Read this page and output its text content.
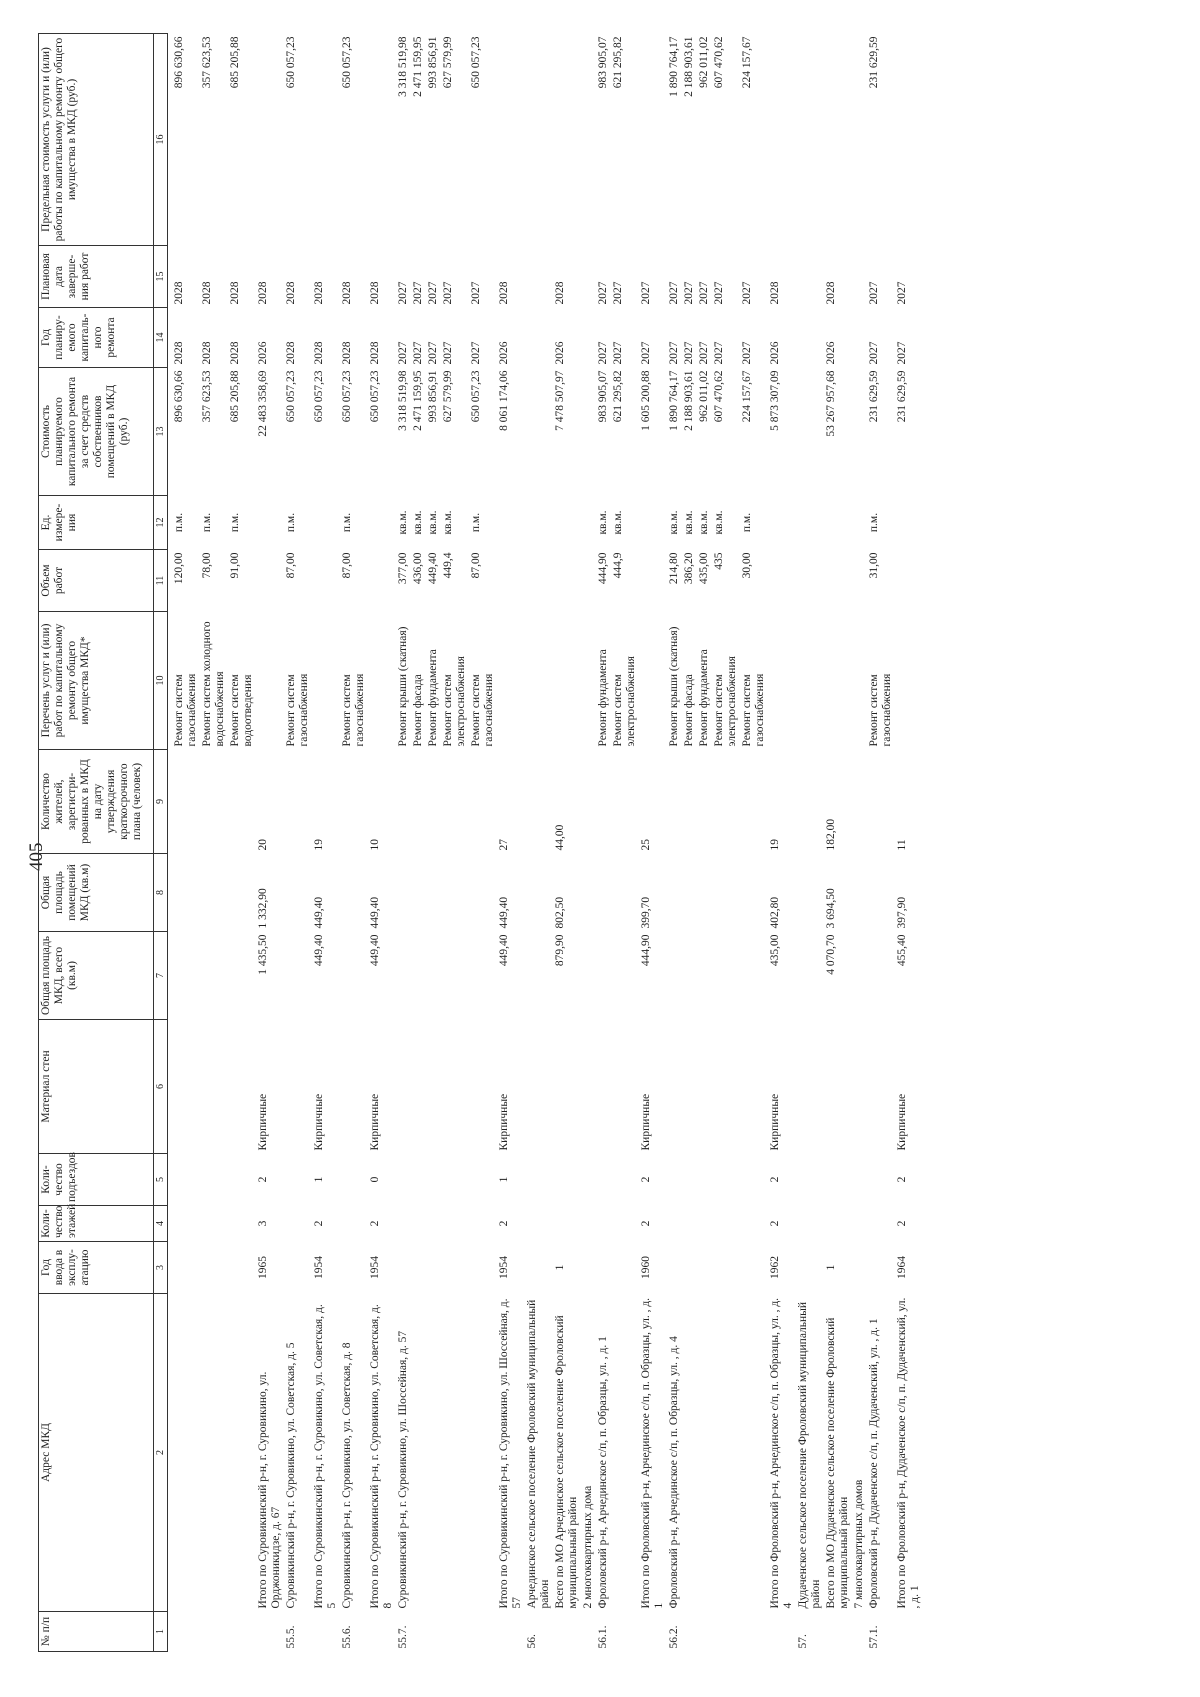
405
№ п/п	Адрес МКД	Год ввода в эксплу-атацию	Коли-чество этажей	Коли-чество подъездов	Материал стен	Общая площадь МКД, всего (кв.м)	Общая площадь помещений МКД (кв.м)	Количество жителей, зарегистри-рованных в МКД на дату утверждения краткосрочного плана (человек)	Перечень услуг и (или) работ по капитальному ремонту общего имущества МКД*	Объем работ	Ед. измере-ния	Стоимость планируемого капитального ремонта за счет средств собственников помещений в МКД (руб.)	Год планиру-емого капиталь-ного ремонта	Плановая дата заверше-ния работ	Предельная стоимость услуги и (или) работы по капитальному ремонту общего имущества в МКД (руб.)
1	2	3	4	5	6	7	8	9	10	11	12	13	14	15	16

									Ремонт систем газоснабжения	120,00	п.м.	896 630,66	2028	2028	896 630,66

									Ремонт систем холодного водоснабжения	78,00	п.м.	357 623,53	2028	2028	357 623,53

									Ремонт систем водоотведения	91,00	п.м.	685 205,88	2028	2028	685 205,88

	Итого по Суровикинский р-н, г. Суровикино, ул. Орджоникидзе, д. 67	1965	3	2	Кирпичные	1 435,50	1 332,90	20				22 483 358,69	2026	2028	

55.5.	Суровикинский р-н, г. Суровикино, ул. Советская, д. 5								Ремонт систем газоснабжения	87,00	п.м.	650 057,23	2028	2028	650 057,23

	Итого по Суровикинский р-н, г. Суровикино, ул. Советская, д. 5	1954	2	1	Кирпичные	449,40	449,40	19				650 057,23	2028	2028	

55.6.	Суровикинский р-н, г. Суровикино, ул. Советская, д. 8								Ремонт систем газоснабжения	87,00	п.м.	650 057,23	2028	2028	650 057,23

	Итого по Суровикинский р-н, г. Суровикино, ул. Советская, д. 8	1954	2	0	Кирпичные	449,40	449,40	10				650 057,23	2028	2028	

55.7.	Суровикинский р-н, г. Суровикино, ул. Шоссейная, д. 57								Ремонт крыши (скатная)	377,00	кв.м.	3 318 519,98	2027	2027	3 318 519,98

									Ремонт фасада	436,00	кв.м.	2 471 159,95	2027	2027	2 471 159,95

									Ремонт фундамента	449,40	кв.м.	993 856,91	2027	2027	993 856,91

									Ремонт систем электроснабжения	449,4	кв.м.	627 579,99	2027	2027	627 579,99

									Ремонт систем газоснабжения	87,00	п.м.	650 057,23	2027	2027	650 057,23

	Итого по Суровикинский р-н, г. Суровикино, ул. Шоссейная, д. 57	1954	2	1	Кирпичные	449,40	449,40	27				8 061 174,06	2026	2028	

56.	Арчединское сельское поселение Фроловский муниципальный район														

	Всего по МО Арчединское сельское поселение Фроловский муниципальный район	1				879,90	802,50	44,00				7 478 507,97	2026	2028	

	2 многоквартирных дома														

56.1.	Фроловский р-н, Арчединское с/п, п. Образцы, ул. , д. 1								Ремонт фундамента	444,90	кв.м.	983 905,07	2027	2027	983 905,07

									Ремонт систем электроснабжения	444,9	кв.м.	621 295,82	2027	2027	621 295,82

	Итого по Фроловский р-н, Арчединское с/п, п. Образцы, ул. , д. 1	1960	2	2	Кирпичные	444,90	399,70	25				1 605 200,88	2027	2027	

56.2.	Фроловский р-н, Арчединское с/п, п. Образцы, ул. , д. 4								Ремонт крыши (скатная)	214,80	кв.м.	1 890 764,17	2027	2027	1 890 764,17

									Ремонт фасада	386,20	кв.м.	2 188 903,61	2027	2027	2 188 903,61

									Ремонт фундамента	435,00	кв.м.	962 011,02	2027	2027	962 011,02

									Ремонт систем электроснабжения	435	кв.м.	607 470,62	2027	2027	607 470,62

									Ремонт систем газоснабжения	30,00	п.м.	224 157,67	2027	2027	224 157,67

	Итого по Фроловский р-н, Арчединское с/п, п. Образцы, ул. , д. 4	1962	2	2	Кирпичные	435,00	402,80	19				5 873 307,09	2026	2028	

57.	Дудаченское сельское поселение Фроловский муниципальный район														

	Всего по МО Дудаченское сельское поселение Фроловский муниципальный район	1				4 070,70	3 694,50	182,00				53 267 957,68	2026	2028	

	7 многоквартирных домов														

57.1.	Фроловский р-н, Дудаченское с/п, п. Дудаченский, ул. , д. 1								Ремонт систем газоснабжения	31,00	п.м.	231 629,59	2027	2027	231 629,59

	Итого по Фроловский р-н, Дудаченское с/п, п. Дудаченский, ул. , д. 1	1964	2	2	Кирпичные	455,40	397,90	11				231 629,59	2027	2027	
